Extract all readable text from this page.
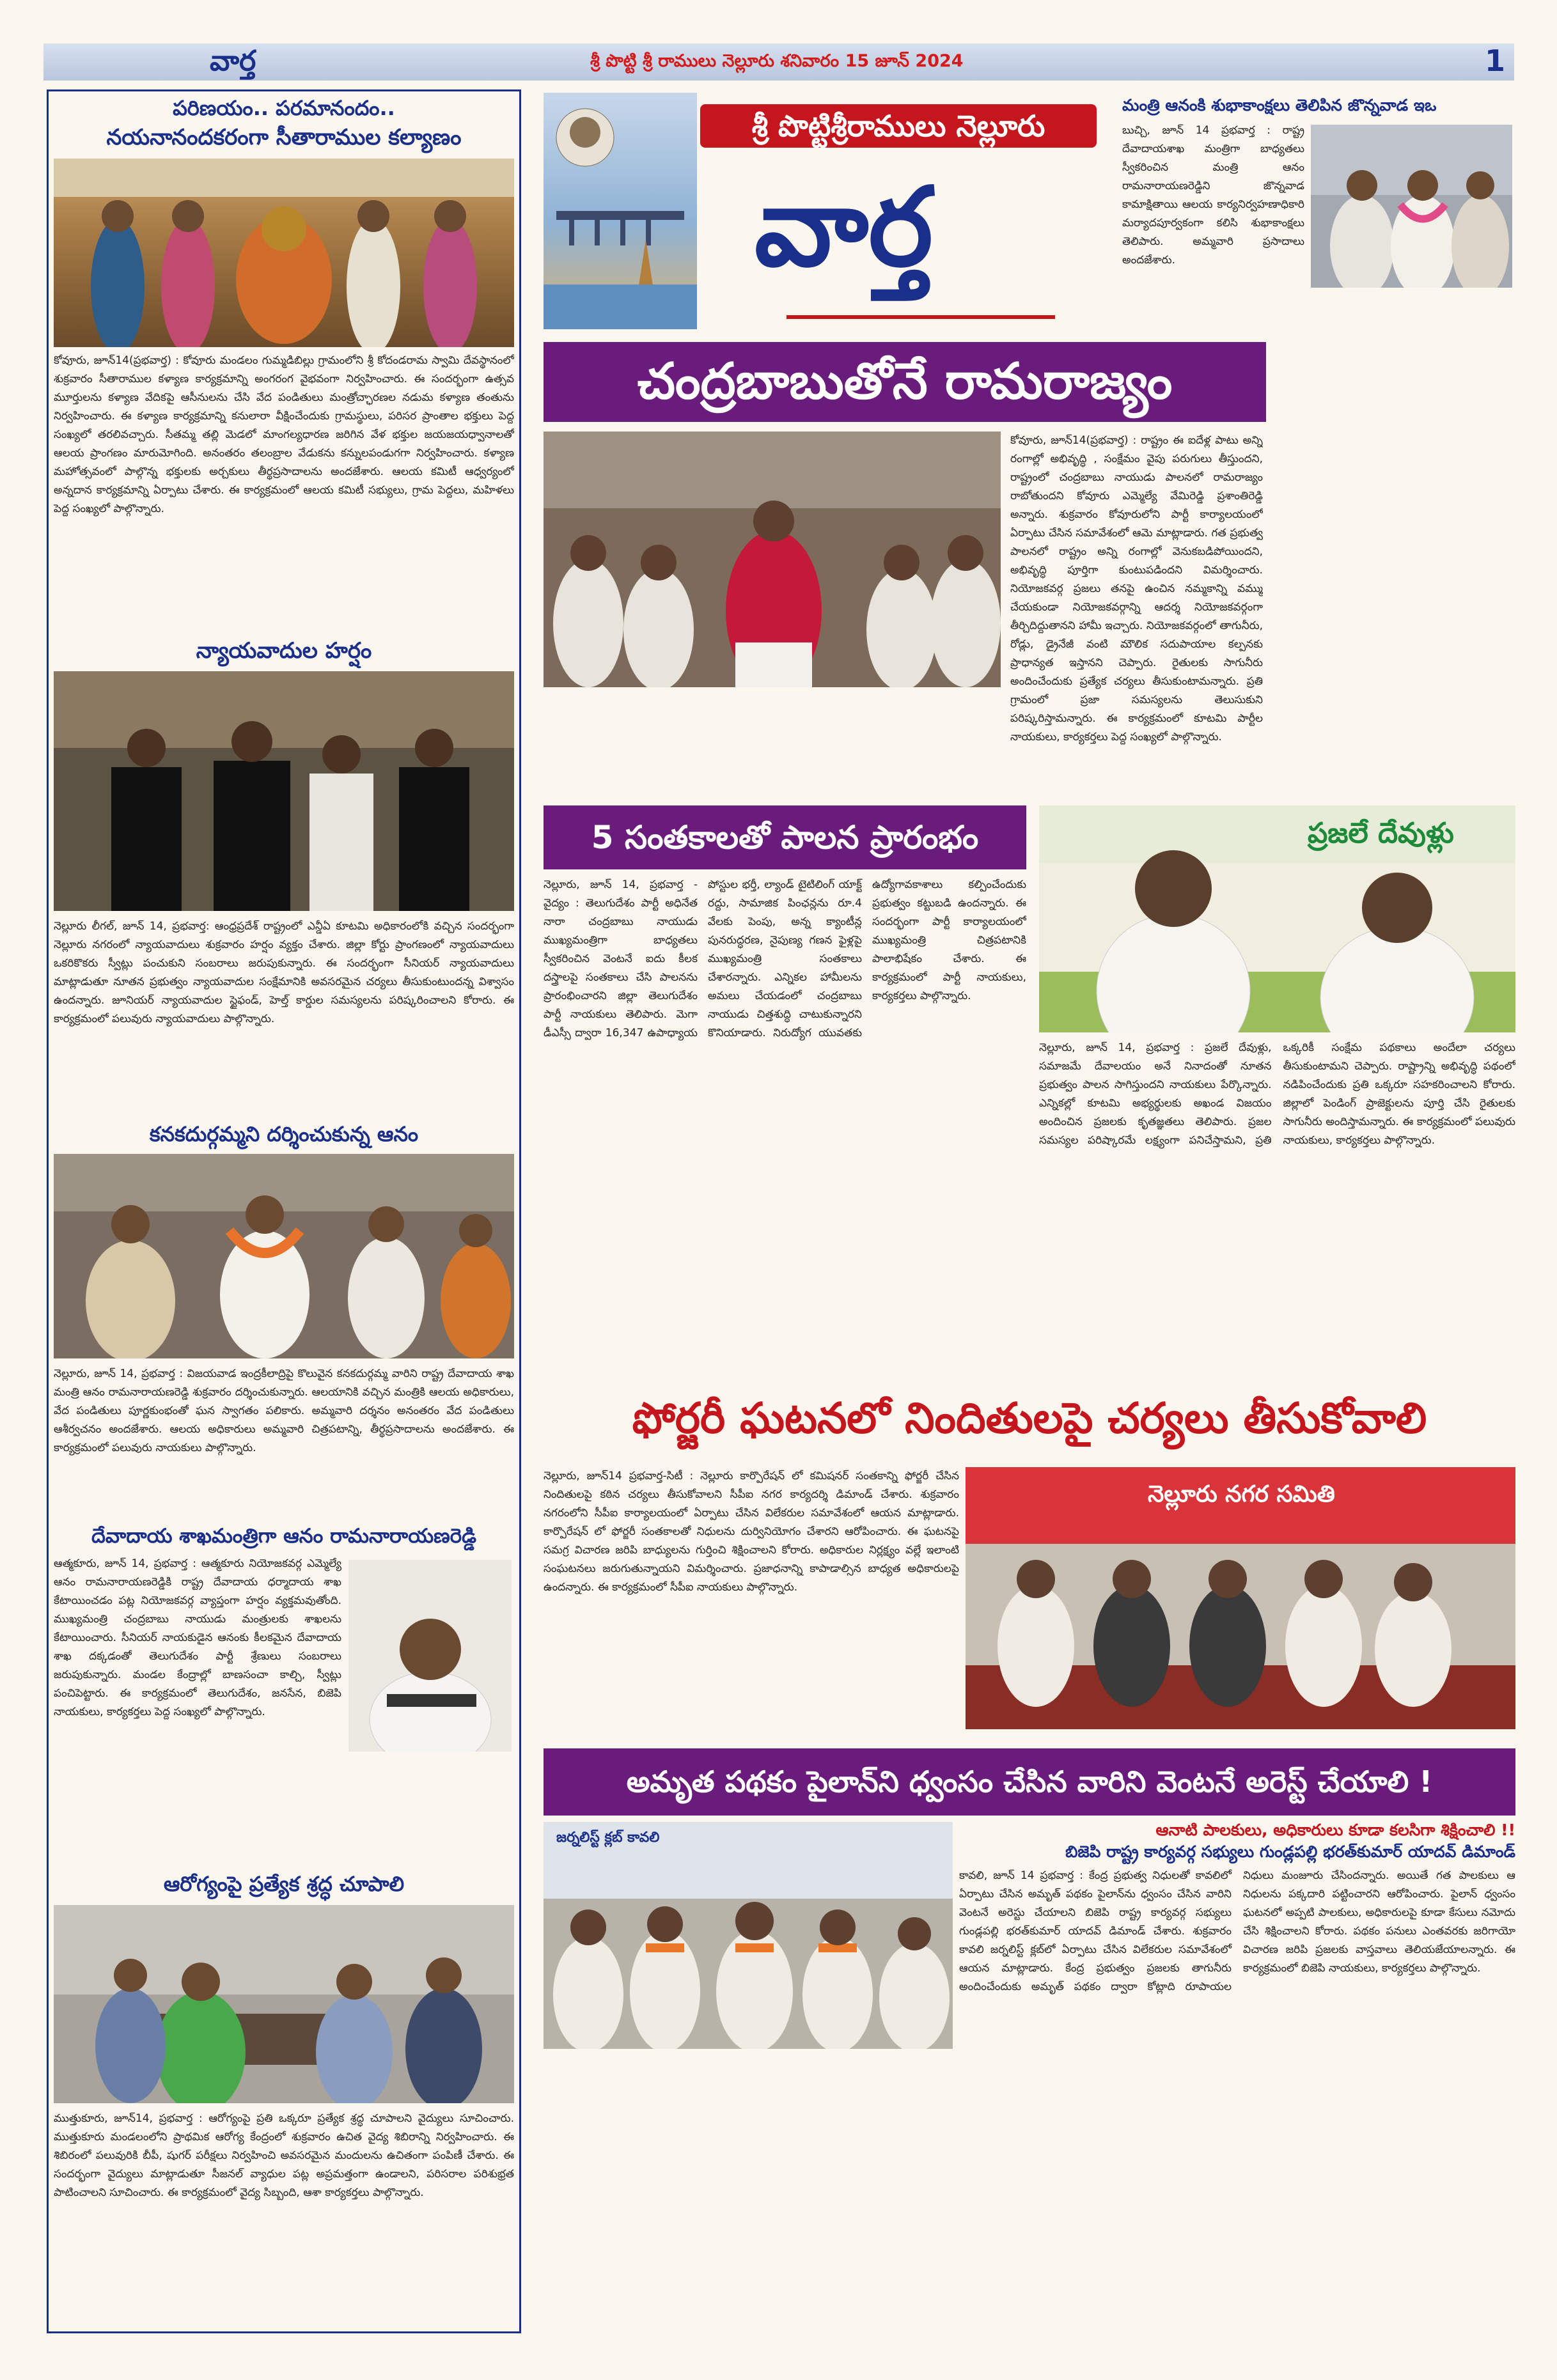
వార్త	శ్రీ పొట్టి శ్రీ రాములు నెల్లూరు శనివారం 15 జూన్ 2024	1
పరిణయం.. పరమానందం..
నయనానందకరంగా సీతారాముల కల్యాణం
కోవూరు, జూన్14(ప్రభవార్త) : కోవూరు మండలం గుమ్మడిబిల్లు గ్రామంలోని శ్రీ కోదండరామ స్వామి దేవస్థానంలో శుక్రవారం సీతారాముల కళ్యాణ కార్యక్రమాన్ని అంగరంగ వైభవంగా నిర్వహించారు. ఈ సందర్భంగా ఉత్సవ మూర్తులను కళ్యాణ వేదికపై ఆసీనులను చేసి వేద పండితులు మంత్రోచ్ఛారణల నడుమ కళ్యాణ తంతును నిర్వహించారు. ఈ కళ్యాణ కార్యక్రమాన్ని కనులారా వీక్షించేందుకు గ్రామస్థులు, పరిసర ప్రాంతాల భక్తులు పెద్ద సంఖ్యలో తరలివచ్చారు. సీతమ్మ తల్లి మెడలో మాంగల్యధారణ జరిగిన వేళ భక్తుల జయజయధ్వానాలతో ఆలయ ప్రాంగణం మారుమోగింది. అనంతరం తలంబ్రాల వేడుకను కన్నులపండుగగా నిర్వహించారు. కళ్యాణ మహోత్సవంలో పాల్గొన్న భక్తులకు అర్చకులు తీర్థప్రసాదాలను అందజేశారు. ఆలయ కమిటీ ఆధ్వర్యంలో అన్నదాన కార్యక్రమాన్ని ఏర్పాటు చేశారు. ఈ కార్యక్రమంలో ఆలయ కమిటీ సభ్యులు, గ్రామ పెద్దలు, మహిళలు పెద్ద సంఖ్యలో పాల్గొన్నారు.
న్యాయవాదుల హర్షం
నెల్లూరు లీగల్, జూన్ 14, ప్రభవార్త: ఆంధ్రప్రదేశ్ రాష్ట్రంలో ఎన్డీఏ కూటమి అధికారంలోకి వచ్చిన సందర్భంగా నెల్లూరు నగరంలో న్యాయవాదులు శుక్రవారం హర్షం వ్యక్తం చేశారు. జిల్లా కోర్టు ప్రాంగణంలో న్యాయవాదులు ఒకరికొకరు స్వీట్లు పంచుకుని సంబరాలు జరుపుకున్నారు. ఈ సందర్భంగా సీనియర్ న్యాయవాదులు మాట్లాడుతూ నూతన ప్రభుత్వం న్యాయవాదుల సంక్షేమానికి అవసరమైన చర్యలు తీసుకుంటుందన్న విశ్వాసం ఉందన్నారు. జూనియర్ న్యాయవాదుల స్టైఫండ్, హెల్త్ కార్డుల సమస్యలను పరిష్కరించాలని కోరారు. ఈ కార్యక్రమంలో పలువురు న్యాయవాదులు పాల్గొన్నారు.
కనకదుర్గమ్మని దర్శించుకున్న ఆనం
నెల్లూరు, జూన్ 14, ప్రభవార్త : విజయవాడ ఇంద్రకీలాద్రిపై కొలువైన కనకదుర్గమ్మ వారిని రాష్ట్ర దేవాదాయ శాఖ మంత్రి ఆనం రామనారాయణరెడ్డి శుక్రవారం దర్శించుకున్నారు. ఆలయానికి వచ్చిన మంత్రికి ఆలయ అధికారులు, వేద పండితులు పూర్ణకుంభంతో ఘన స్వాగతం పలికారు. అమ్మవారి దర్శనం అనంతరం వేద పండితులు ఆశీర్వచనం అందజేశారు. ఆలయ అధికారులు అమ్మవారి చిత్రపటాన్ని, తీర్థప్రసాదాలను అందజేశారు. ఈ కార్యక్రమంలో పలువురు నాయకులు పాల్గొన్నారు.
దేవాదాయ శాఖమంత్రిగా ఆనం రామనారాయణరెడ్డి
ఆత్మకూరు, జూన్ 14, ప్రభవార్త : ఆత్మకూరు నియోజకవర్గ ఎమ్మెల్యే ఆనం రామనారాయణరెడ్డికి రాష్ట్ర దేవాదాయ ధర్మాదాయ శాఖ కేటాయించడం పట్ల నియోజకవర్గ వ్యాప్తంగా హర్షం వ్యక్తమవుతోంది. ముఖ్యమంత్రి చంద్రబాబు నాయుడు మంత్రులకు శాఖలను కేటాయించారు. సీనియర్ నాయకుడైన ఆనంకు కీలకమైన దేవాదాయ శాఖ దక్కడంతో తెలుగుదేశం పార్టీ శ్రేణులు సంబరాలు జరుపుకున్నారు. మండల కేంద్రాల్లో బాణసంచా కాల్చి, స్వీట్లు పంచిపెట్టారు. ఈ కార్యక్రమంలో తెలుగుదేశం, జనసేన, బిజెపి నాయకులు, కార్యకర్తలు పెద్ద సంఖ్యలో పాల్గొన్నారు.
ఆరోగ్యంపై ప్రత్యేక శ్రద్ధ చూపాలి
ముత్తుకూరు, జూన్14, ప్రభవార్త : ఆరోగ్యంపై ప్రతి ఒక్కరూ ప్రత్యేక శ్రద్ధ చూపాలని వైద్యులు సూచించారు. ముత్తుకూరు మండలంలోని ప్రాథమిక ఆరోగ్య కేంద్రంలో శుక్రవారం ఉచిత వైద్య శిబిరాన్ని నిర్వహించారు. ఈ శిబిరంలో పలువురికి బీపీ, షుగర్ పరీక్షలు నిర్వహించి అవసరమైన మందులను ఉచితంగా పంపిణీ చేశారు. ఈ సందర్భంగా వైద్యులు మాట్లాడుతూ సీజనల్ వ్యాధుల పట్ల అప్రమత్తంగా ఉండాలని, పరిసరాల పరిశుభ్రత పాటించాలని సూచించారు. ఈ కార్యక్రమంలో వైద్య సిబ్బంది, ఆశా కార్యకర్తలు పాల్గొన్నారు.
శ్రీ పొట్టిశ్రీరాములు నెల్లూరు
వార్త
మంత్రి ఆనంకి శుభాకాంక్షలు తెలిపిన జొన్నవాడ ఇఒ
బుచ్చి, జూన్ 14 ప్రభవార్త : రాష్ట్ర దేవాదాయశాఖ మంత్రిగా బాధ్యతలు స్వీకరించిన మంత్రి ఆనం రామనారాయణరెడ్డిని జొన్నవాడ కామాక్షితాయి ఆలయ కార్యనిర్వహణాధికారి మర్యాదపూర్వకంగా కలిసి శుభాకాంక్షలు తెలిపారు. అమ్మవారి ప్రసాదాలు అందజేశారు.
చంద్రబాబుతోనే రామరాజ్యం
కోవూరు, జూన్14(ప్రభవార్త) : రాష్ట్రం ఈ ఐదేళ్ల పాటు అన్ని రంగాల్లో అభివృద్ధి , సంక్షేమం వైపు పరుగులు తీస్తుందని, రాష్ట్రంలో చంద్రబాబు నాయుడు పాలనలో రామరాజ్యం రాబోతుందని కోవూరు ఎమ్మెల్యే వేమిరెడ్డి ప్రశాంతిరెడ్డి అన్నారు. శుక్రవారం కోవూరులోని పార్టీ కార్యాలయంలో ఏర్పాటు చేసిన సమావేశంలో ఆమె మాట్లాడారు. గత ప్రభుత్వ పాలనలో రాష్ట్రం అన్ని రంగాల్లో వెనుకబడిపోయిందని, అభివృద్ధి పూర్తిగా కుంటుపడిందని విమర్శించారు. నియోజకవర్గ ప్రజలు తనపై ఉంచిన నమ్మకాన్ని వమ్ము చేయకుండా నియోజకవర్గాన్ని ఆదర్శ నియోజకవర్గంగా తీర్చిదిద్దుతానని హామీ ఇచ్చారు. నియోజకవర్గంలో తాగునీరు, రోడ్లు, డ్రైనేజీ వంటి మౌలిక సదుపాయాల కల్పనకు ప్రాధాన్యత ఇస్తానని చెప్పారు. రైతులకు సాగునీరు అందించేందుకు ప్రత్యేక చర్యలు తీసుకుంటామన్నారు. ప్రతి గ్రామంలో ప్రజా సమస్యలను తెలుసుకుని పరిష్కరిస్తామన్నారు. ఈ కార్యక్రమంలో కూటమి పార్టీల నాయకులు, కార్యకర్తలు పెద్ద సంఖ్యలో పాల్గొన్నారు.
5 సంతకాలతో పాలన ప్రారంభం
నెల్లూరు, జూన్ 14, ప్రభవార్త - వైద్యం : తెలుగుదేశం పార్టీ అధినేత నారా చంద్రబాబు నాయుడు ముఖ్యమంత్రిగా బాధ్యతలు స్వీకరించిన వెంటనే ఐదు కీలక దస్త్రాలపై సంతకాలు చేసి పాలనను ప్రారంభించారని జిల్లా తెలుగుదేశం పార్టీ నాయకులు తెలిపారు. మెగా డీఎస్సీ ద్వారా 16,347 ఉపాధ్యాయ పోస్టుల భర్తీ, ల్యాండ్ టైటిలింగ్ యాక్ట్ రద్దు, సామాజిక పింఛన్లను రూ.4 వేలకు పెంపు, అన్న క్యాంటీన్ల పునరుద్ధరణ, నైపుణ్య గణన ఫైళ్లపై ముఖ్యమంత్రి సంతకాలు చేశారన్నారు. ఎన్నికల హామీలను అమలు చేయడంలో చంద్రబాబు నాయుడు చిత్తశుద్ధి చాటుకున్నారని కొనియాడారు. నిరుద్యోగ యువతకు ఉద్యోగావకాశాలు కల్పించేందుకు ప్రభుత్వం కట్టుబడి ఉందన్నారు. ఈ సందర్భంగా పార్టీ కార్యాలయంలో ముఖ్యమంత్రి చిత్రపటానికి పాలాభిషేకం చేశారు. ఈ కార్యక్రమంలో పార్టీ నాయకులు, కార్యకర్తలు పాల్గొన్నారు.
ప్రజలే దేవుళ్లు
నెల్లూరు, జూన్ 14, ప్రభవార్త : ప్రజలే దేవుళ్లు, సమాజమే దేవాలయం అనే నినాదంతో నూతన ప్రభుత్వం పాలన సాగిస్తుందని నాయకులు పేర్కొన్నారు. ఎన్నికల్లో కూటమి అభ్యర్థులకు అఖండ విజయం అందించిన ప్రజలకు కృతజ్ఞతలు తెలిపారు. ప్రజల సమస్యల పరిష్కారమే లక్ష్యంగా పనిచేస్తామని, ప్రతి ఒక్కరికీ సంక్షేమ పథకాలు అందేలా చర్యలు తీసుకుంటామని చెప్పారు. రాష్ట్రాన్ని అభివృద్ధి పథంలో నడిపించేందుకు ప్రతి ఒక్కరూ సహకరించాలని కోరారు. జిల్లాలో పెండింగ్ ప్రాజెక్టులను పూర్తి చేసి రైతులకు సాగునీరు అందిస్తామన్నారు. ఈ కార్యక్రమంలో పలువురు నాయకులు, కార్యకర్తలు పాల్గొన్నారు.
ఫోర్జరీ ఘటనలో నిందితులపై చర్యలు తీసుకోవాలి
నెల్లూరు, జూన్14 ప్రభవార్త-సిటీ : నెల్లూరు కార్పొరేషన్ లో కమిషనర్ సంతకాన్ని ఫోర్జరీ చేసిన నిందితులపై కఠిన చర్యలు తీసుకోవాలని సీపీఐ నగర కార్యదర్శి డిమాండ్ చేశారు. శుక్రవారం నగరంలోని సీపీఐ కార్యాలయంలో ఏర్పాటు చేసిన విలేకరుల సమావేశంలో ఆయన మాట్లాడారు. కార్పొరేషన్ లో ఫోర్జరీ సంతకాలతో నిధులను దుర్వినియోగం చేశారని ఆరోపించారు. ఈ ఘటనపై సమగ్ర విచారణ జరిపి బాధ్యులను గుర్తించి శిక్షించాలని కోరారు. అధికారుల నిర్లక్ష్యం వల్లే ఇలాంటి సంఘటనలు జరుగుతున్నాయని విమర్శించారు. ప్రజాధనాన్ని కాపాడాల్సిన బాధ్యత అధికారులపై ఉందన్నారు. ఈ కార్యక్రమంలో సీపీఐ నాయకులు పాల్గొన్నారు.
నెల్లూరు నగర సమితి
అమృత పథకం పైలాన్‌ని ధ్వంసం చేసిన వారిని వెంటనే అరెస్ట్ చేయాలి !
ఆనాటి పాలకులు, అధికారులు కూడా కలసిగా శిక్షించాలి !!
బిజెపి రాష్ట్ర కార్యవర్గ సభ్యులు గుండ్లపల్లి భరత్‌కుమార్ యాదవ్ డిమాండ్
జర్నలిస్ట్ క్లబ్ కావలి
కావలి, జూన్ 14 ప్రభవార్త : కేంద్ర ప్రభుత్వ నిధులతో కావలిలో ఏర్పాటు చేసిన అమృత్ పథకం పైలాన్‌ను ధ్వంసం చేసిన వారిని వెంటనే అరెస్టు చేయాలని బిజెపి రాష్ట్ర కార్యవర్గ సభ్యులు గుండ్లపల్లి భరత్‌కుమార్ యాదవ్ డిమాండ్ చేశారు. శుక్రవారం కావలి జర్నలిస్ట్ క్లబ్‌లో ఏర్పాటు చేసిన విలేకరుల సమావేశంలో ఆయన మాట్లాడారు. కేంద్ర ప్రభుత్వం ప్రజలకు తాగునీరు అందించేందుకు అమృత్ పథకం ద్వారా కోట్లాది రూపాయల నిధులు మంజూరు చేసిందన్నారు. అయితే గత పాలకులు ఆ నిధులను పక్కదారి పట్టించారని ఆరోపించారు. పైలాన్ ధ్వంసం ఘటనలో అప్పటి పాలకులు, అధికారులపై కూడా కేసులు నమోదు చేసి శిక్షించాలని కోరారు. పథకం పనులు ఎంతవరకు జరిగాయో విచారణ జరిపి ప్రజలకు వాస్తవాలు తెలియజేయాలన్నారు. ఈ కార్యక్రమంలో బిజెపి నాయకులు, కార్యకర్తలు పాల్గొన్నారు.
